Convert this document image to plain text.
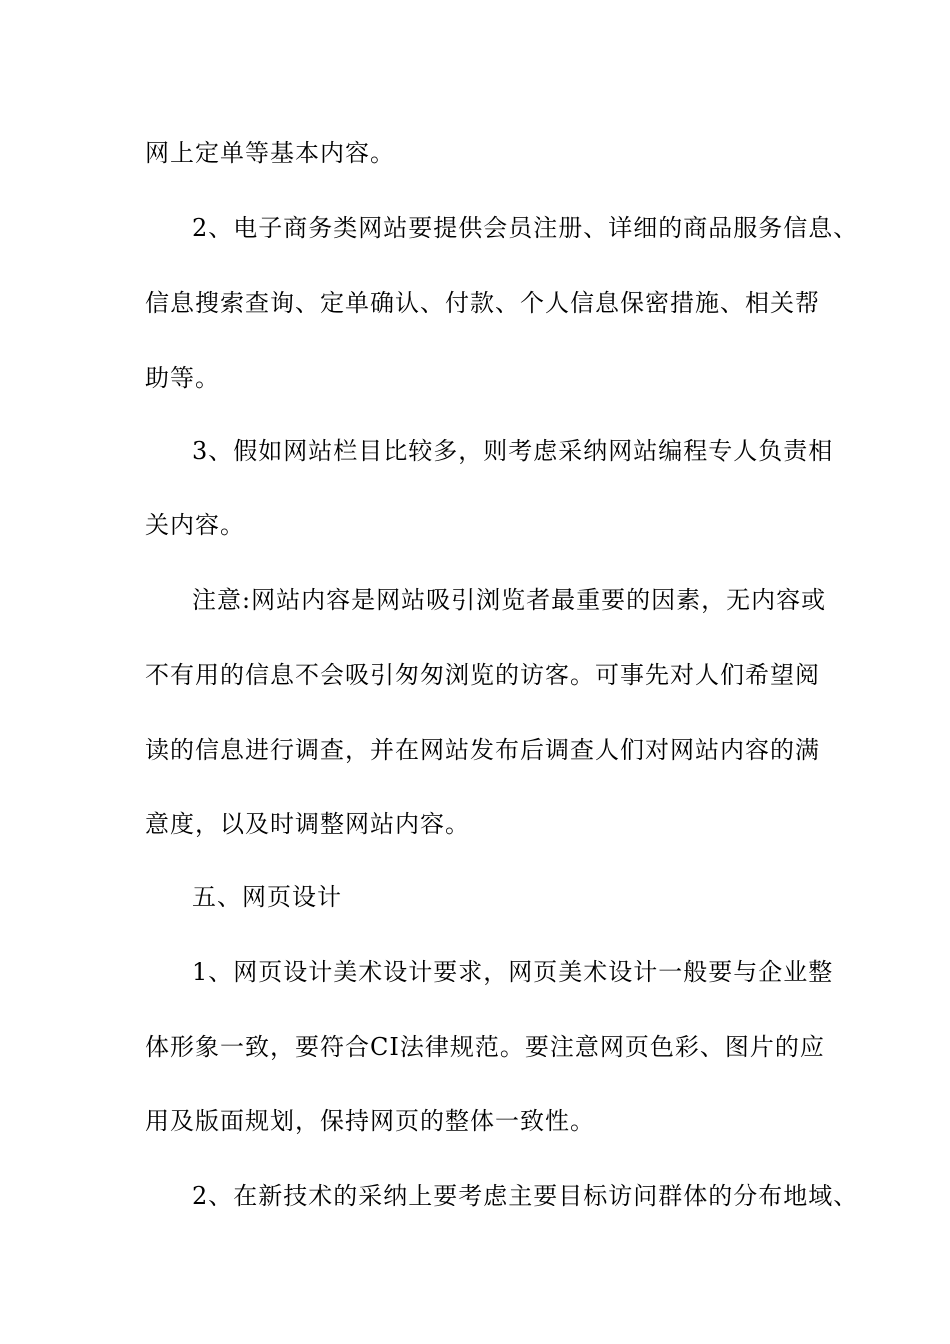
网上定单等基本内容。
2、电子商务类网站要提供会员注册、详细的商品服务信息、
信息搜索查询、定单确认、付款、个人信息保密措施、相关帮
助等。
3、假如网站栏目比较多，则考虑采纳网站编程专人负责相
关内容。
注意:网站内容是网站吸引浏览者最重要的因素，无内容或
不有用的信息不会吸引匆匆浏览的访客。可事先对人们希望阅
读的信息进行调查，并在网站发布后调查人们对网站内容的满
意度，以及时调整网站内容。
五、网页设计
1、网页设计美术设计要求，网页美术设计一般要与企业整
体形象一致，要符合CI法律规范。要注意网页色彩、图片的应
用及版面规划，保持网页的整体一致性。
2、在新技术的采纳上要考虑主要目标访问群体的分布地域、
